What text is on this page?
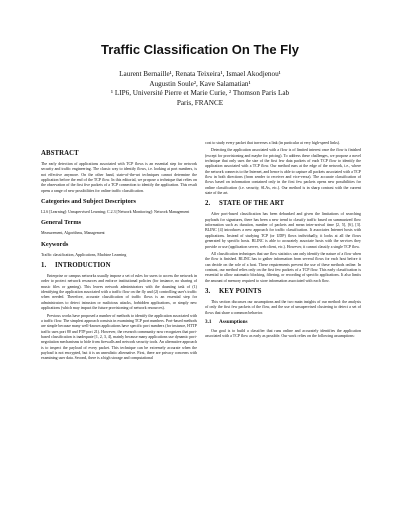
Traffic Classification On The Fly
Laurent Bernaille¹, Renata Teixeira¹, Ismael Akodjenou¹
Augustin Soule², Kave Salamatian¹
¹ LIP6, Université Pierre et Marie Curie, ² Thomson Paris Lab
Paris, FRANCE
ABSTRACT

The early detection of applications associated with TCP flows is an essential step for network security and traffic engineering. The classic way to identify flows, i.e. looking at port numbers, is not effective anymore. On the other hand, state-of-the-art techniques cannot determine the application before the end of the TCP flow. In this editorial, we propose a technique that relies on the observation of the first five packets of a TCP connection to identify the application. This result opens a range of new possibilities for online traffic classification.

Categories and Subject Descriptors

I.2.6 [Learning]: Unsupervised Learning; C.2.3 [Network Monitoring]: Network Management

General Terms

Measurement, Algorithms, Management

Keywords

Traffic classification, Applications, Machine Learning

1. INTRODUCTION

Enterprise or campus networks usually impose a set of rules for users to access the network in order to protect network resources and enforce institutional policies (for instance, no sharing of music files or gaming). This leaves network administrators with the daunting task of (1) identifying the application associated with a traffic flow on the fly and (2) controlling user's traffic when needed. Therefore, accurate classification of traffic flows is an essential step for administrators to detect intrusion or malicious attacks, forbidden applications, or simply new applications (which may impact the future provisioning of network resources).

Previous works have proposed a number of methods to identify the application associated with a traffic flow. The simplest approach consists in examining TCP port numbers. Port-based methods are simple because many well-known applications have specific port numbers (for instance, HTTP traffic uses port 80 and FTP port 21). However, the research community now recognizes that port-based classification is inadequate [1, 2, 3, 4], mainly because many applications use dynamic port-negotiation mechanisms to hide from firewalls and network security tools. An alternative approach is to inspect the payload of every packet. This technique can be extremely accurate when the payload is not encrypted, but it is an unrealistic alternative. First, there are privacy concerns with examining user data. Second, there is a high storage and computational

cost to study every packet that traverses a link (in particular at very high-speed links).

Detecting the application associated with a flow is of limited interest once the flow is finished (except for provisioning and maybe for pricing). To address these challenges, we propose a novel technique that only uses the size of the first few data packets of each TCP flow to identify the application associated with a TCP flow. Our method runs at the edge of the network, i.e., where the network connects to the Internet, and hence is able to capture all packets associated with a TCP flow in both directions (from sender to receiver and vice-versa). The accurate classification of flows based on information contained only in the first few packets opens new possibilities for online classification (i.e. security, SLAs, etc.). Our method is in sharp contrast with the current state of the art.

2. STATE OF THE ART

After port-based classification has been debunked and given the limitations of searching payloads for signatures, there has been a new trend to classify traffic based on summarized flow information such as duration, number of packets and mean inter-arrival time [2, 5], [6], [3]. BLINC [4] introduces a new approach for traffic classification. It associates Internet hosts with applications. Instead of studying TCP (or UDP) flows individually, it looks at all the flows generated by specific hosts. BLINC is able to accurately associate hosts with the services they provide or use (application server, web client, etc.). However, it cannot classify a single TCP flow.

All classification techniques that use flow statistics can only identify the nature of a flow when the flow is finished. BLINC has to gather information from several flows for each host before it can decide on the role of a host. These requirements prevent the use of these methods online. In contrast, our method relies only on the first few packets of a TCP flow. This early classification is essential to allow automatic blocking, filtering, or recording of specific applications. It also limits the amount of memory required to store information associated with each flow.

3. KEY POINTS

This section discusses our assumptions and the two main insights of our method: the analysis of only the first few packets of the flow, and the use of unsupervised clustering to detect a set of flows that share a common behavior.

3.1 Assumptions

Our goal is to build a classifier that runs online and accurately identifies the application associated with a TCP flow as early as possible. Our work relies on the following assumptions:
